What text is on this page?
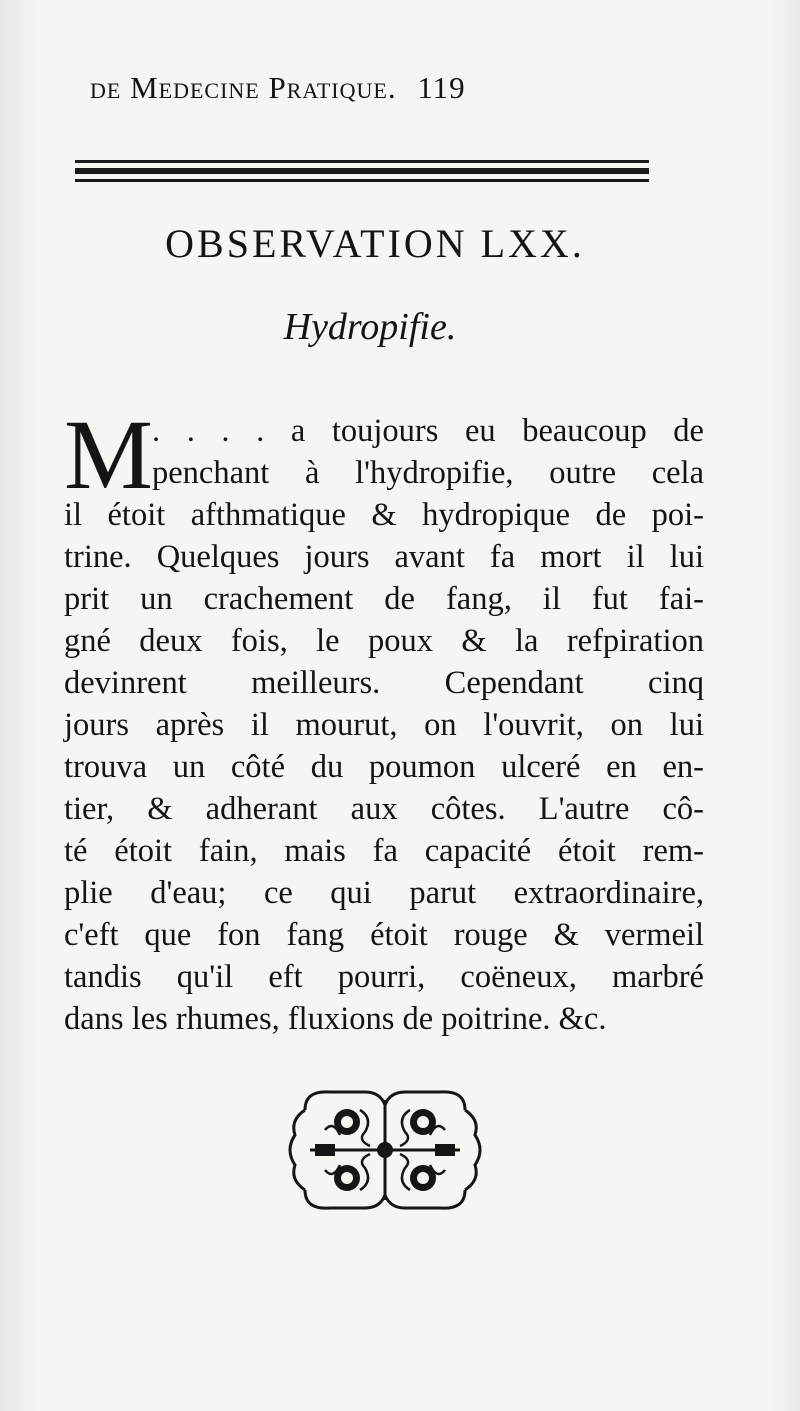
de Medecine Pratique. 119
OBSERVATION LXX.
Hydropifie.
M . . . . a toujours eu beaucoup de
penchant à l'hydropifie, outre cela
il étoit afthmatique & hydropique de poi-
trine. Quelques jours avant fa mort il lui
prit un crachement de fang, il fut fai-
gné deux fois, le poux & la refpiration
devinrent meilleurs. Cependant cinq
jours après il mourut, on l'ouvrit, on lui
trouva un côté du poumon ulceré en en-
tier, & adherant aux côtes. L'autre cô-
té étoit fain, mais fa capacité étoit rem-
plie d'eau; ce qui parut extraordinaire,
c'eft que fon fang étoit rouge & vermeil
tandis qu'il eft pourri, coëneux, marbré
dans les rhumes, fluxions de poitrine. &c.
